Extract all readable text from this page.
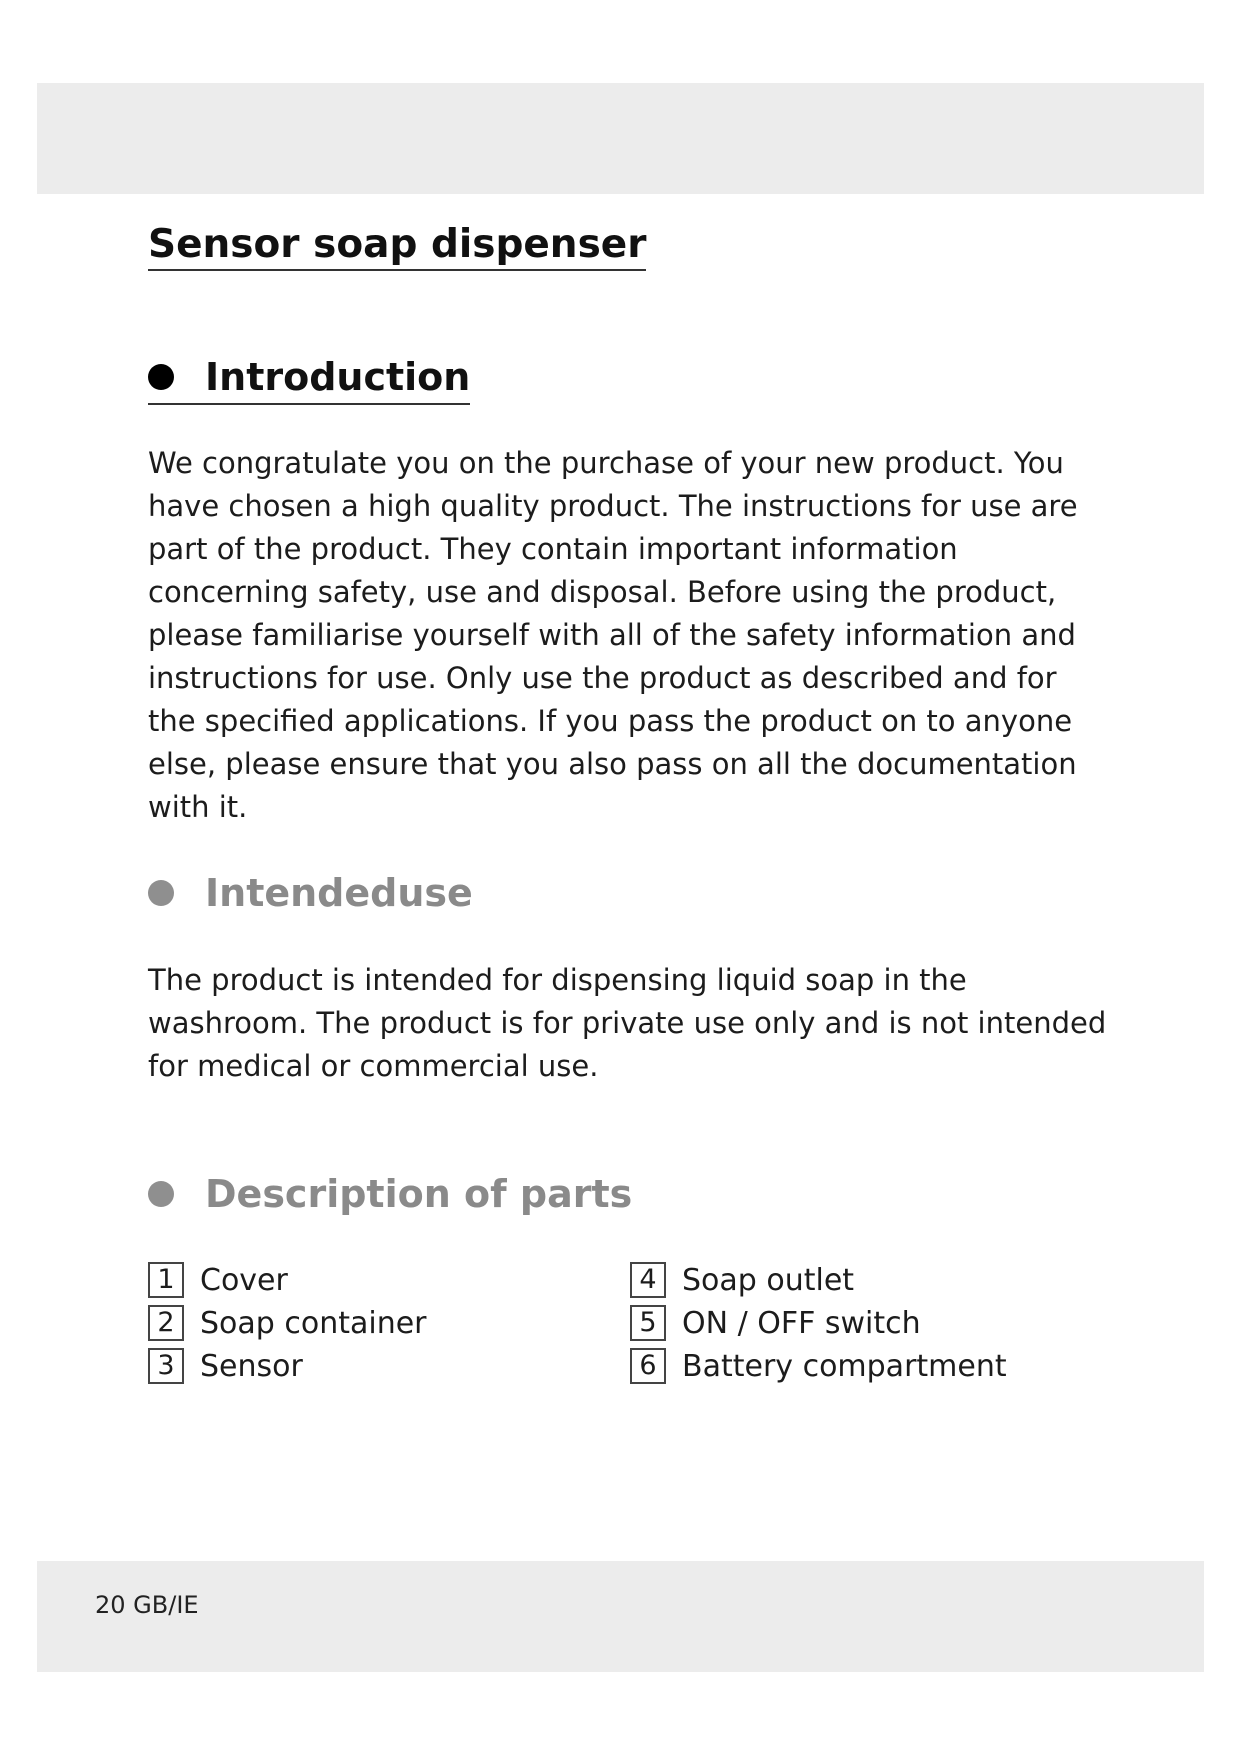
Sensor soap dispenser
Introduction

We congratulate you on the purchase of your new product. You have chosen a high quality product. The instructions for use are part of the product. They contain important information concerning safety, use and disposal. Before using the product, please familiarise yourself with all of the safety information and instructions for use. Only use the product as described and for the specified applications. If you pass the product on to anyone else, please ensure that you also pass on all the documentation with it.

Intendeduse

The product is intended for dispensing liquid soap in the washroom. The product is for private use only and is not intended for medical or commercial use.

Description of parts
1 Cover
2 Soap container
3 Sensor
4 Soap outlet
5 ON / OFF switch
6 Battery compartment
20 GB/IE
